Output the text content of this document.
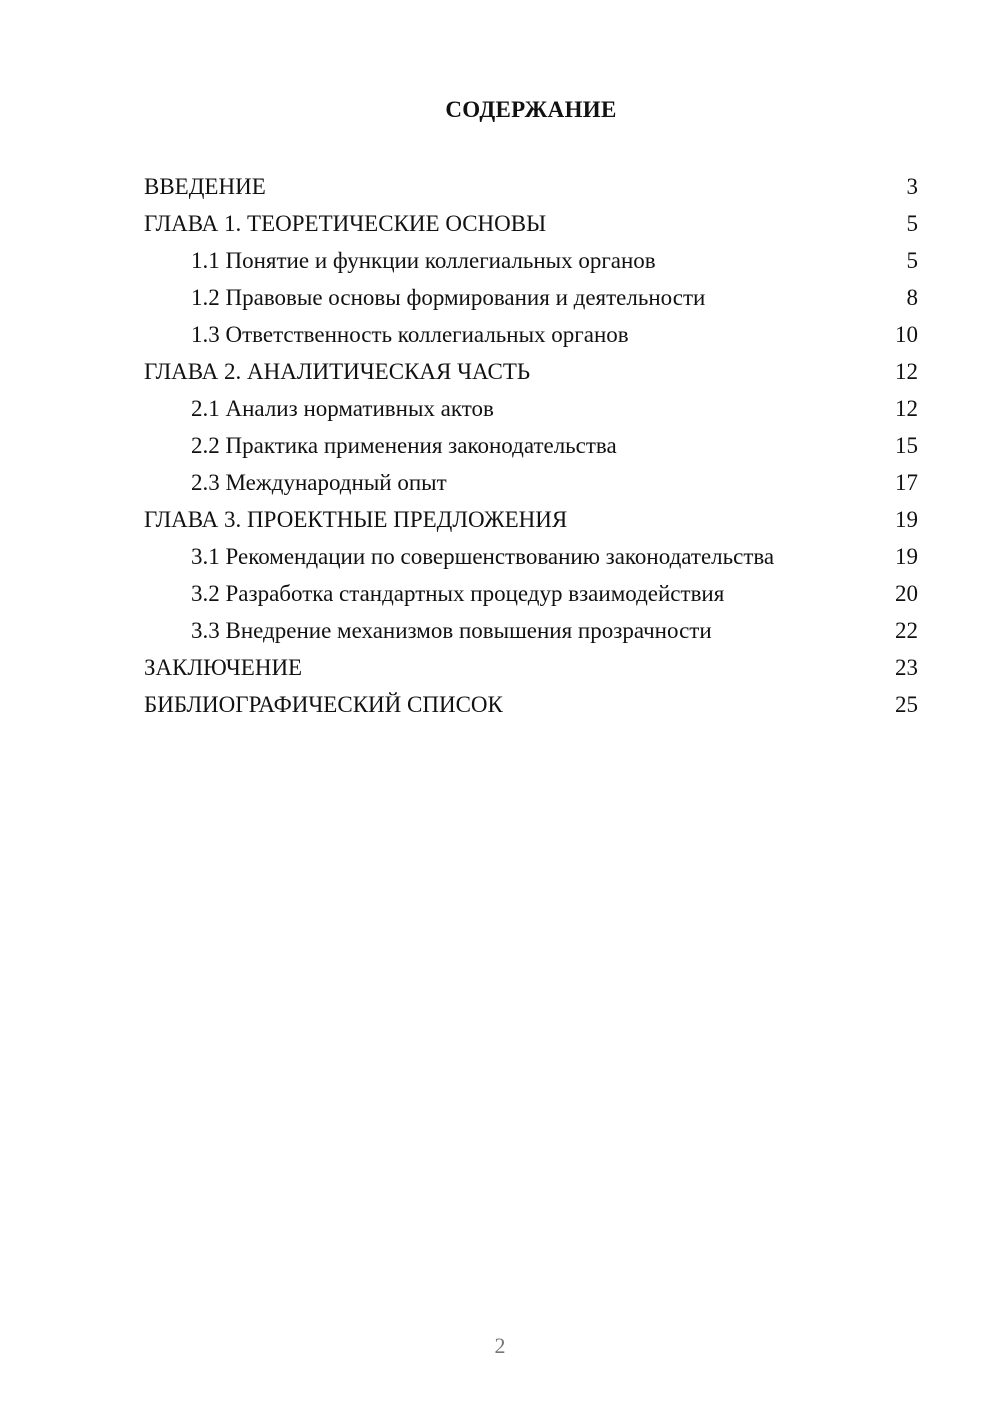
СОДЕРЖАНИЕ
ВВЕДЕНИЕ	3
ГЛАВА 1. ТЕОРЕТИЧЕСКИЕ ОСНОВЫ	5
1.1 Понятие и функции коллегиальных органов	5
1.2 Правовые основы формирования и деятельности	8
1.3 Ответственность коллегиальных органов	10
ГЛАВА 2. АНАЛИТИЧЕСКАЯ ЧАСТЬ	12
2.1 Анализ нормативных актов	12
2.2 Практика применения законодательства	15
2.3 Международный опыт	17
ГЛАВА 3. ПРОЕКТНЫЕ ПРЕДЛОЖЕНИЯ	19
3.1 Рекомендации по совершенствованию законодательства	19
3.2 Разработка стандартных процедур взаимодействия	20
3.3 Внедрение механизмов повышения прозрачности	22
ЗАКЛЮЧЕНИЕ	23
БИБЛИОГРАФИЧЕСКИЙ СПИСОК	25
2
